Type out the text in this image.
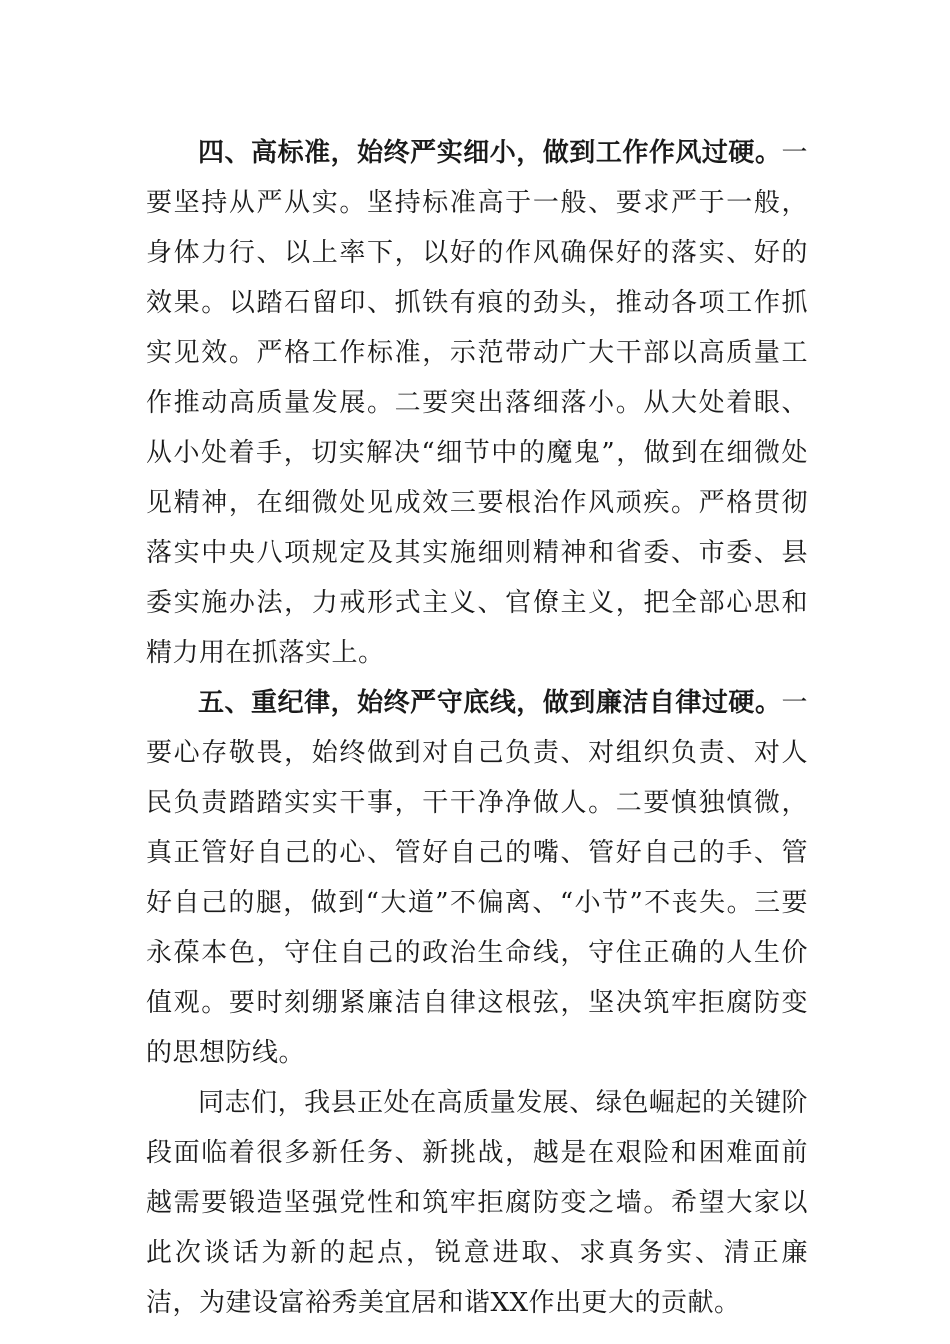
四、高标准，始终严实细小，做到工作作风过硬。一要坚持从严从实。坚持标准高于一般、要求严于一般，身体力行、以上率下，以好的作风确保好的落实、好的效果。以踏石留印、抓铁有痕的劲头，推动各项工作抓实见效。严格工作标准，示范带动广大干部以高质量工作推动高质量发展。二要突出落细落小。从大处着眼、从小处着手，切实解决“细节中的魔鬼”，做到在细微处见精神，在细微处见成效三要根治作风顽疾。严格贯彻落实中央八项规定及其实施细则精神和省委、市委、县委实施办法，力戒形式主义、官僚主义，把全部心思和精力用在抓落实上。

五、重纪律，始终严守底线，做到廉洁自律过硬。一要心存敬畏，始终做到对自己负责、对组织负责、对人民负责踏踏实实干事，干干净净做人。二要慎独慎微，真正管好自己的心、管好自己的嘴、管好自己的手、管好自己的腿，做到“大道”不偏离、“小节”不丧失。三要永葆本色，守住自己的政治生命线，守住正确的人生价值观。要时刻绷紧廉洁自律这根弦，坚决筑牢拒腐防变的思想防线。

同志们，我县正处在高质量发展、绿色崛起的关键阶段面临着很多新任务、新挑战，越是在艰险和困难面前越需要锻造坚强党性和筑牢拒腐防变之墙。希望大家以此次谈话为新的起点，锐意进取、求真务实、清正廉洁，为建设富裕秀美宜居和谐XX作出更大的贡献。
